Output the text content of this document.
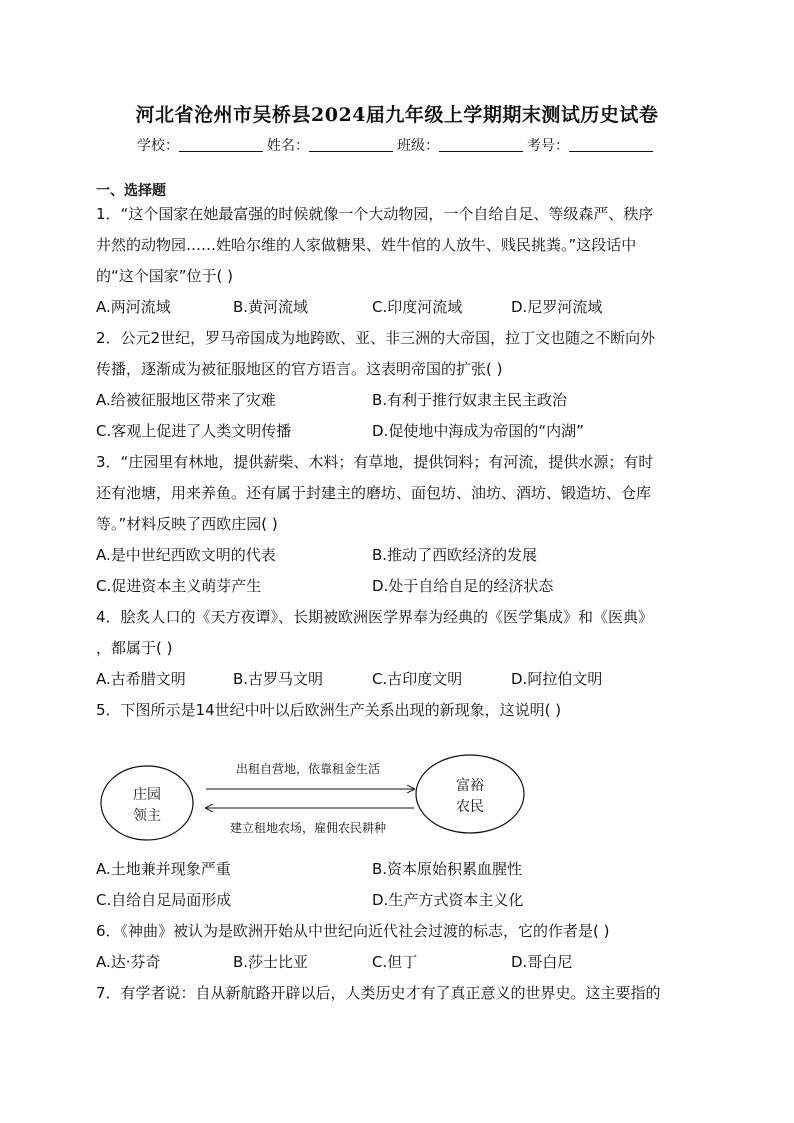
河北省沧州市吴桥县2024届九年级上学期期末测试历史试卷
学校：	姓名：	班级：	考号：
一、选择题
1．“这个国家在她最富强的时候就像一个大动物园，一个自给自足、等级森严、秩序
井然的动物园……姓哈尔维的人家做糖果、姓牛倌的人放牛、贱民挑粪。”这段话中
的“这个国家”位于( )
A.两河流域	B.黄河流域	C.印度河流域	D.尼罗河流域
2．公元2世纪，罗马帝国成为地跨欧、亚、非三洲的大帝国，拉丁文也随之不断向外
传播，逐渐成为被征服地区的官方语言。这表明帝国的扩张( )
A.给被征服地区带来了灾难	B.有利于推行奴隶主民主政治
C.客观上促进了人类文明传播	D.促使地中海成为帝国的“内湖”
3．“庄园里有林地，提供薪柴、木料；有草地，提供饲料；有河流，提供水源；有时
还有池塘，用来养鱼。还有属于封建主的磨坊、面包坊、油坊、酒坊、锻造坊、仓库
等。”材料反映了西欧庄园( )
A.是中世纪西欧文明的代表	B.推动了西欧经济的发展
C.促进资本主义萌芽产生	D.处于自给自足的经济状态
4．脍炙人口的《天方夜谭》、长期被欧洲医学界奉为经典的《医学集成》和《医典》
，都属于( )
A.古希腊文明	B.古罗马文明	C.古印度文明	D.阿拉伯文明
5．下图所示是14世纪中叶以后欧洲生产关系出现的新现象，这说明( )
庄园
领主
富裕
农民
出租自营地，依靠租金生活
建立租地农场，雇佣农民耕种
A.土地兼并现象严重	B.资本原始积累血腥性
C.自给自足局面形成	D.生产方式资本主义化
6．《神曲》被认为是欧洲开始从中世纪向近代社会过渡的标志，它的作者是( )
A.达·芬奇	B.莎士比亚	C.但丁	D.哥白尼
7．有学者说：自从新航路开辟以后，人类历史才有了真正意义的世界史。这主要指的
